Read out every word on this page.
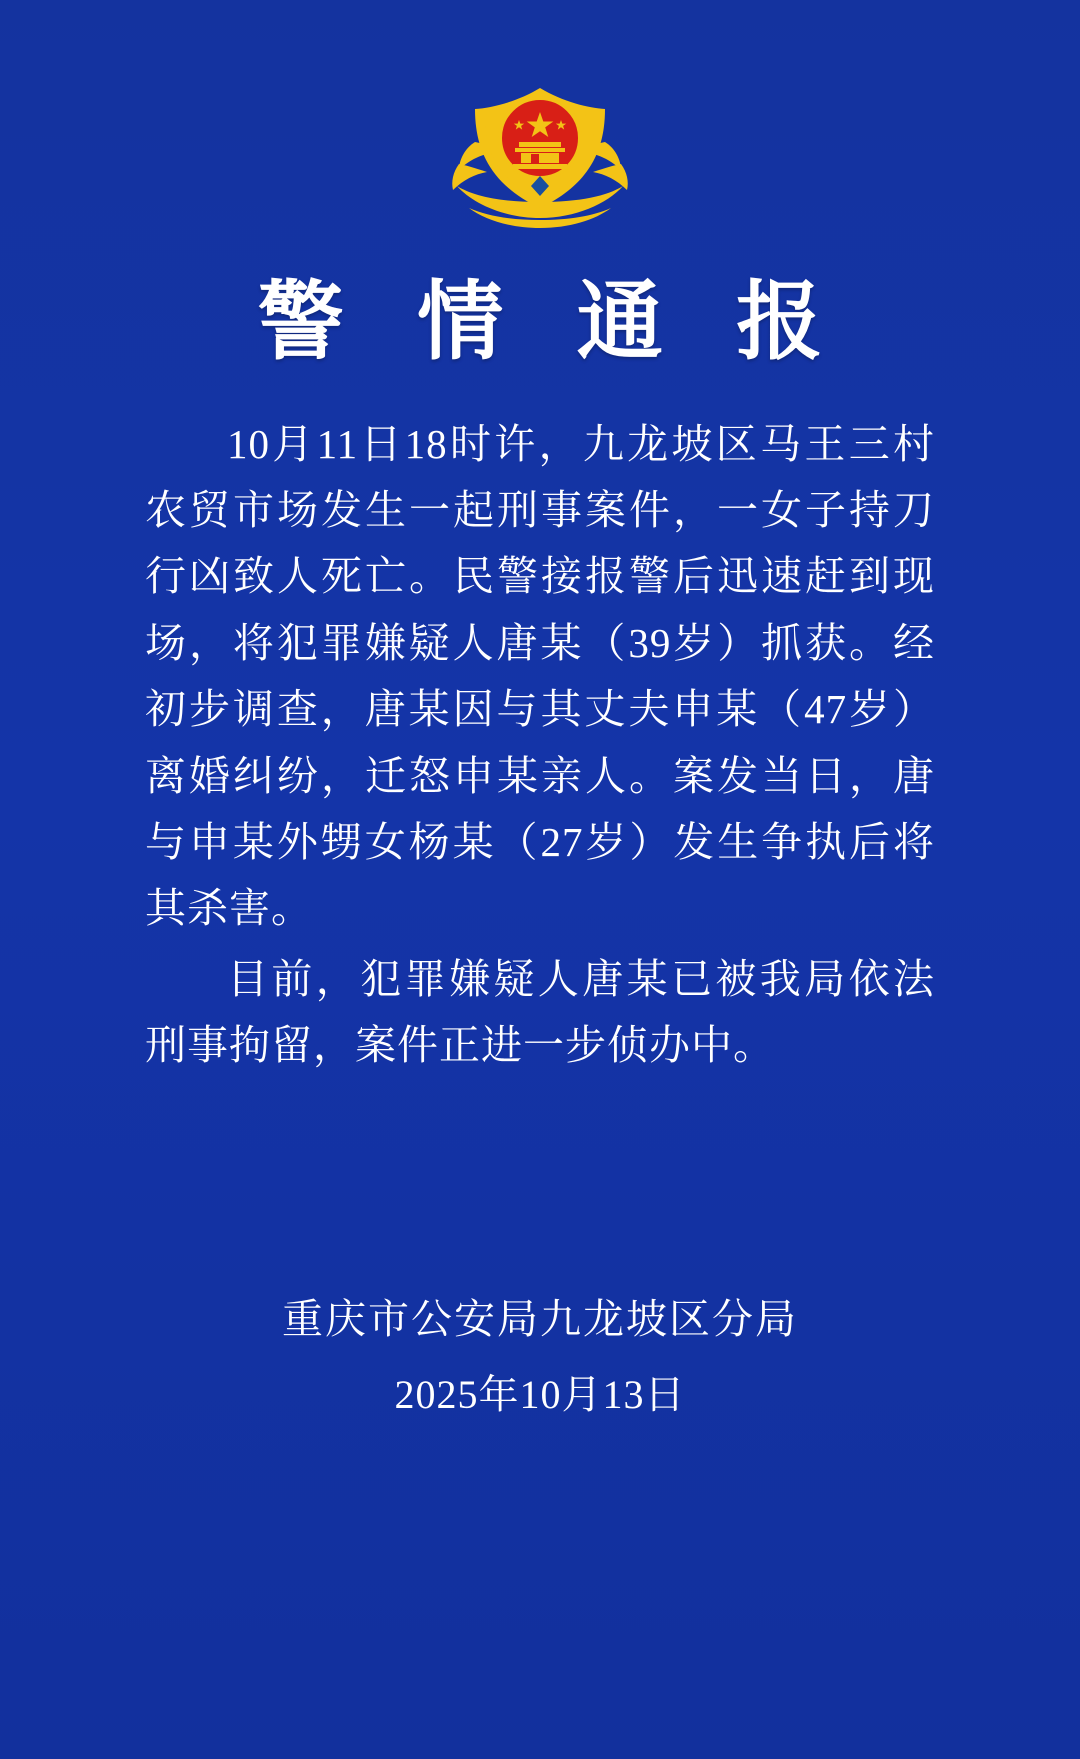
警 情 通 报

10月11日18时许，九龙坡区马王三村农贸市场发生一起刑事案件，一女子持刀行凶致人死亡。民警接报警后迅速赶到现场，将犯罪嫌疑人唐某（39岁）抓获。经初步调查，唐某因与其丈夫申某（47岁）离婚纠纷，迁怒申某亲人。案发当日，唐与申某外甥女杨某（27岁）发生争执后将其杀害。

目前，犯罪嫌疑人唐某已被我局依法刑事拘留，案件正进一步侦办中。

重庆市公安局九龙坡区分局
2025年10月13日
